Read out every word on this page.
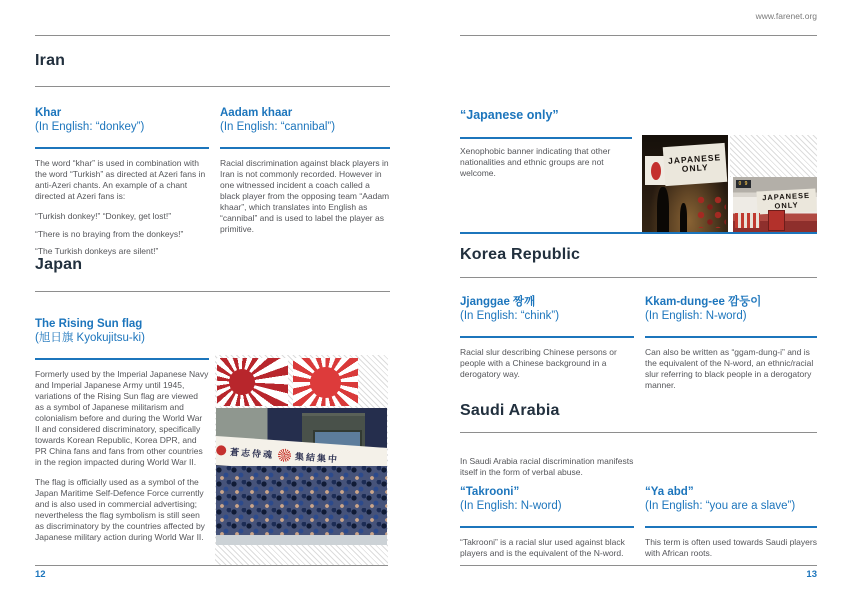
Iran

Khar

(In English: “donkey”)

The word “khar” is used in combination with the word “Turkish” as directed at Azeri fans in anti-Azeri chants. An example of a chant directed at Azeri fans is:

“Turkish donkey!” “Donkey, get lost!”

“There is no braying from the donkeys!”

“The Turkish donkeys are silent!”

Aadam khaar

(In English: “cannibal”)

Racial discrimination against black players in Iran is not commonly recorded. However in one witnessed incident a coach called a black player from the opposing team “Aadam khaar”, which translates into English as “cannibal” and is used to label the player as primitive.

Japan

The Rising Sun flag

(旭日旗 Kyokujitsu-ki)

Formerly used by the Imperial Japanese Navy and Imperial Japanese Army until 1945, variations of the Rising Sun flag are viewed as a symbol of Japanese militarism and colonialism before and during the World War II and considered discriminatory, specifically towards Korean Republic, Korea DPR, and PR China fans and fans from other countries in the region impacted during World War II.

The flag is officially used as a symbol of the Japan Maritime Self-Defence Force currently and is also used in commercial advertising; nevertheless the flag symbolism is still seen as discriminatory by the countries affected by Japanese military action during World War II.

蒼志侍魂 集結集中
12
www.farenet.org
“Japanese only”

Xenophobic banner indicating that other nationalities and ethnic groups are not welcome.

JAPANESE
ONLY
0 9
JAPANESE
ONLY
Korea Republic

Jjanggae 짱깨

(In English: “chink”)

Racial slur describing Chinese persons or people with a Chinese background in a derogatory way.

Kkam-dung-ee 깜둥이

(In English: N-word)

Can also be written as “ggam-dung-i” and is the equivalent of the N-word, an ethnic/racial slur referring to black people in a derogatory manner.

Saudi Arabia

In Saudi Arabia racial discrimination manifests itself in the form of verbal abuse.

“Takrooni”

(In English: N-word)

“Takrooni” is a racial slur used against black players and is the equivalent of the N-word.

“Ya abd”

(In English: “you are a slave”)

This term is often used towards Saudi players with African roots.

13
